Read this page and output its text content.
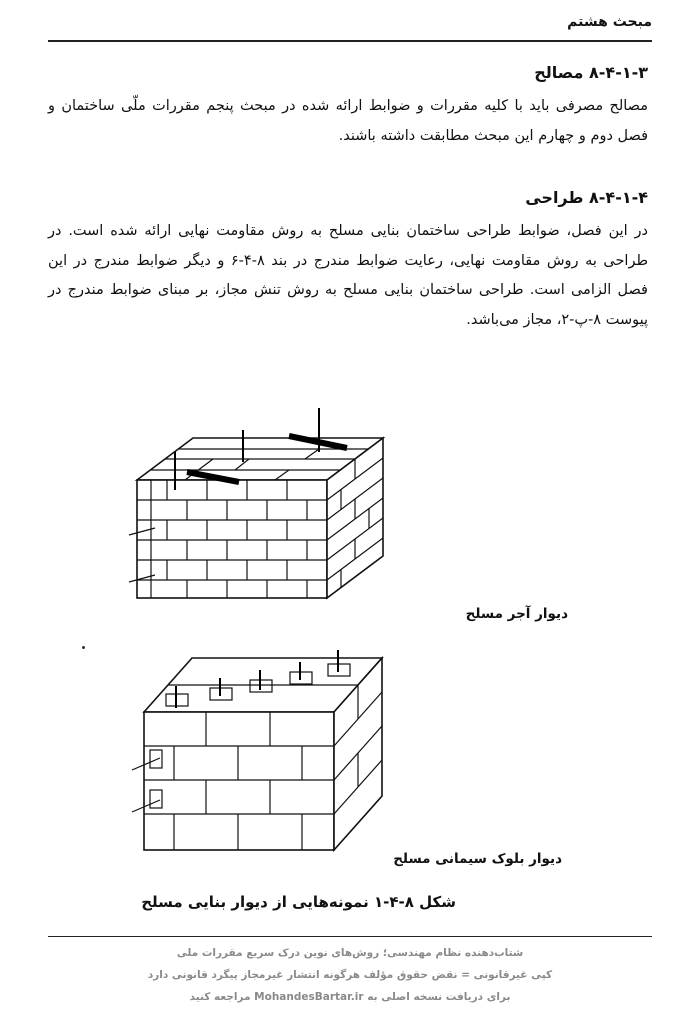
مبحث هشتم
۸-۴-۱-۳ مصالح

مصالح مصرفی باید با کلیه مقررات و ضوابط ارائه شده در مبحث پنجم مقررات ملّی ساختمان و فصل دوم و چهارم این مبحث مطابقت داشته باشند.

۸-۴-۱-۴ طراحی

در این فصل، ضوابط طراحی ساختمان بنایی مسلح به روش مقاومت نهایی ارائه شده است. در طراحی به روش مقاومت نهایی، رعایت ضوابط مندرج در بند ۸-۴-۶ و دیگر ضوابط مندرج در این فصل الزامی است. طراحی ساختمان بنایی مسلح به روش تنش مجاز، بر مبنای ضوابط مندرج در پیوست ۸-پ-۲، مجاز می‌باشد.

دیوار آجر مسلح
دیوار بلوک سیمانی مسلح
شکل ۸-۴-۱ نمونه‌هایی از دیوار بنایی مسلح
شتاب‌دهنده نظام مهندسی؛ روش‌های نوین درک سریع مقررات ملی
کپی غیرقانونی = نقض حقوق مؤلف هرگونه انتشار غیرمجاز پیگرد قانونی دارد
برای دریافت نسخه اصلی به MohandesBartar.ir مراجعه کنید
